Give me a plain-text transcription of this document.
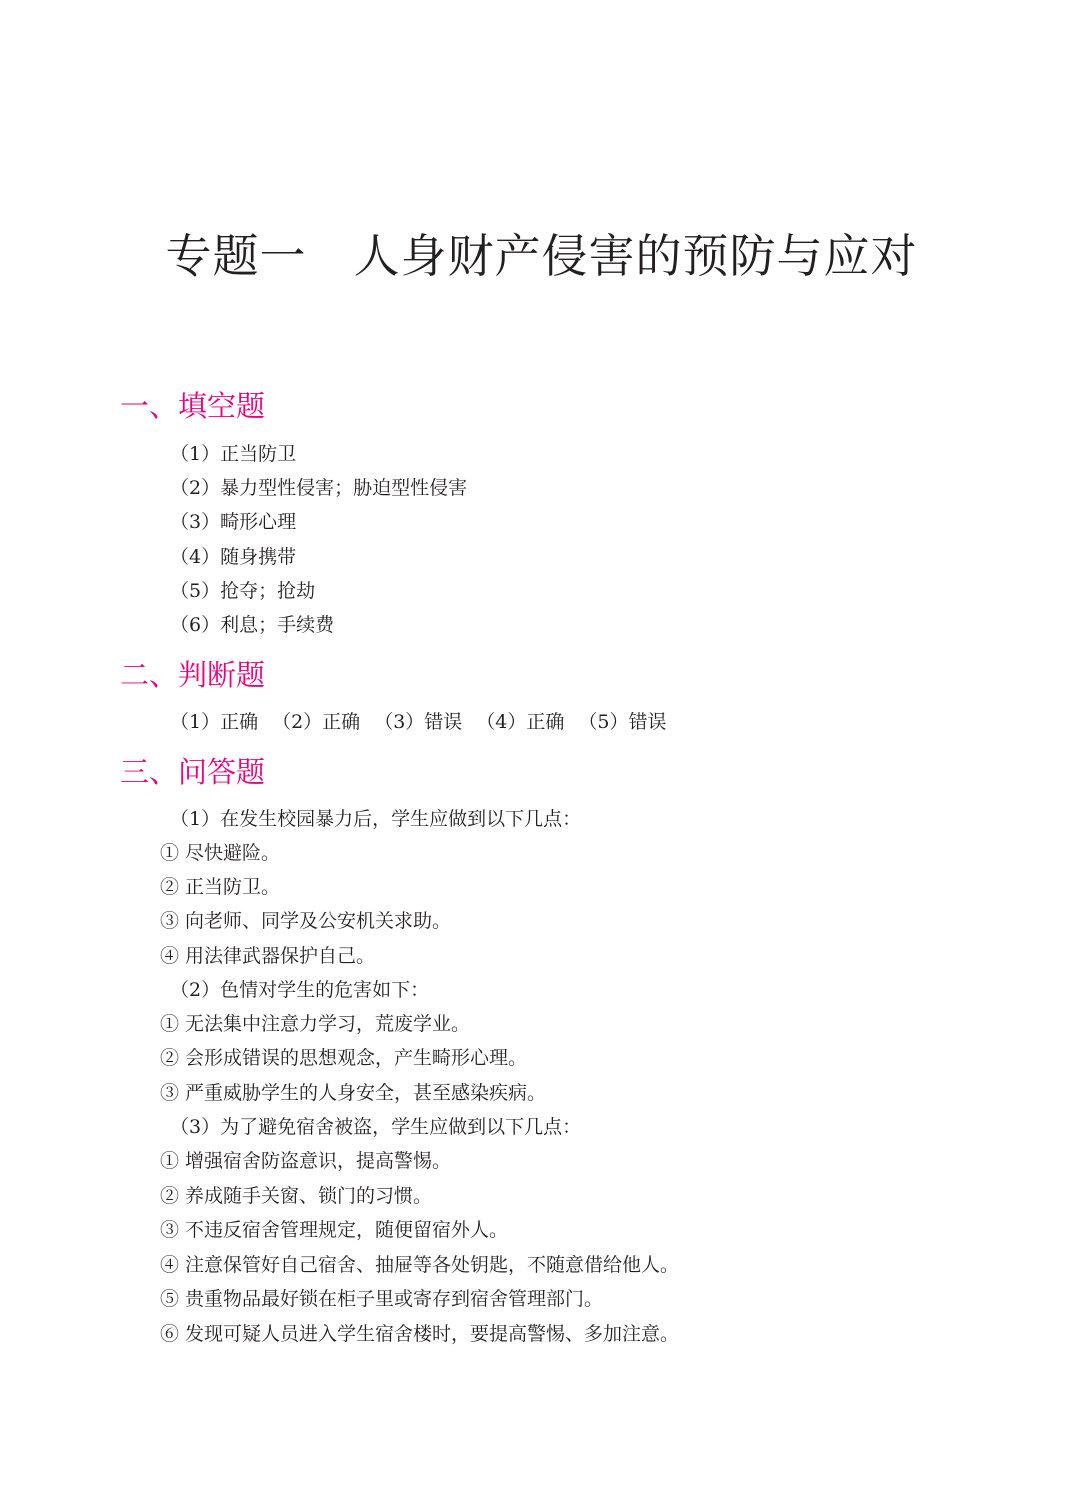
专题一　人身财产侵害的预防与应对
一、填空题
（1）正当防卫
（2）暴力型性侵害；胁迫型性侵害
（3）畸形心理
（4）随身携带
（5）抢夺；抢劫
（6）利息；手续费
二、判断题
（1）正确 （2）正确 （3）错误 （4）正确 （5）错误
三、问答题
（1）在发生校园暴力后，学生应做到以下几点：
① 尽快避险。
② 正当防卫。
③ 向老师、同学及公安机关求助。
④ 用法律武器保护自己。
（2）色情对学生的危害如下：
① 无法集中注意力学习，荒废学业。
② 会形成错误的思想观念，产生畸形心理。
③ 严重威胁学生的人身安全，甚至感染疾病。
（3）为了避免宿舍被盗，学生应做到以下几点：
① 增强宿舍防盗意识，提高警惕。
② 养成随手关窗、锁门的习惯。
③ 不违反宿舍管理规定，随便留宿外人。
④ 注意保管好自己宿舍、抽屉等各处钥匙，不随意借给他人。
⑤ 贵重物品最好锁在柜子里或寄存到宿舍管理部门。
⑥ 发现可疑人员进入学生宿舍楼时，要提高警惕、多加注意。
